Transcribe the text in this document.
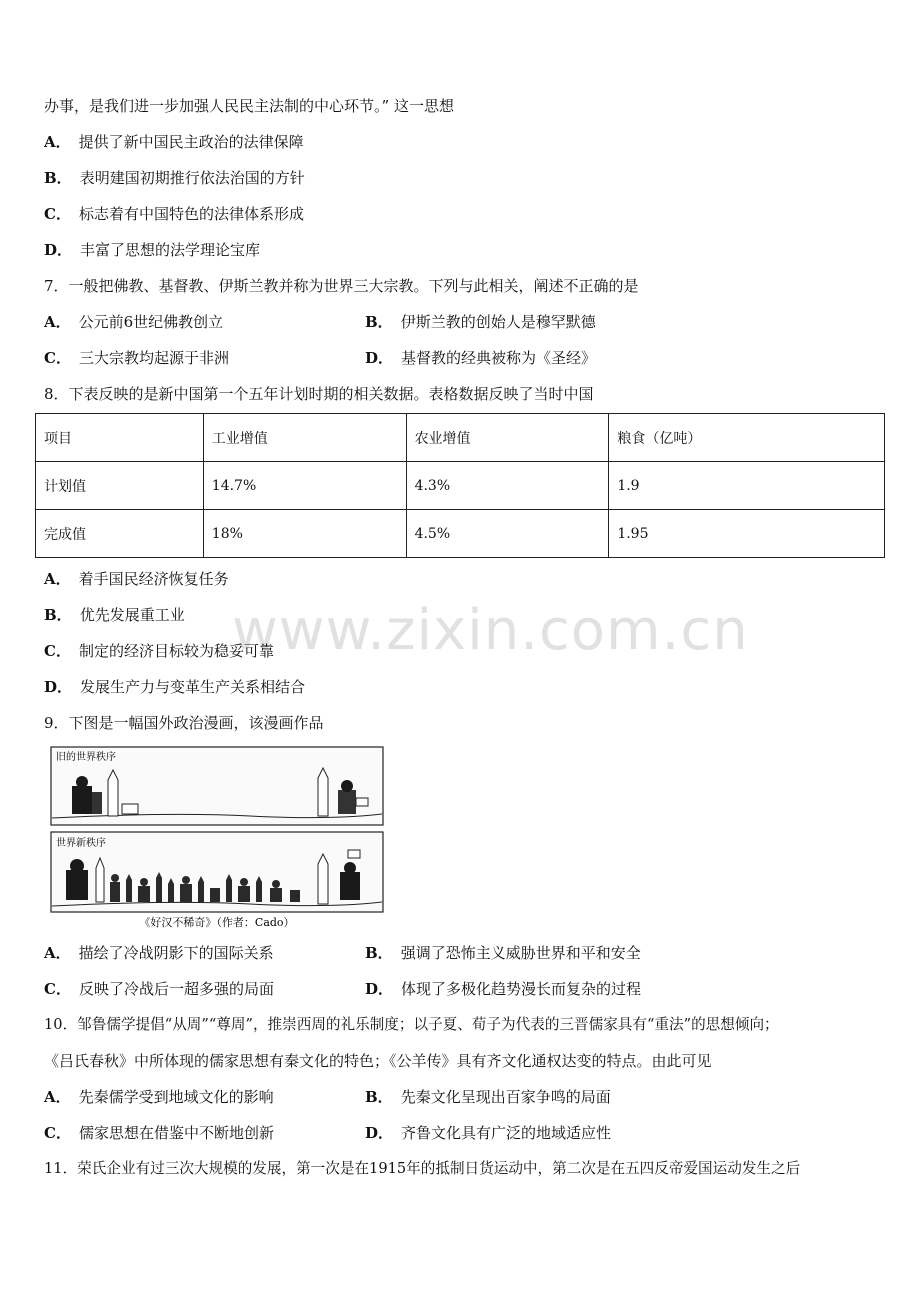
www.zixin.com.cn
办事，是我们进一步加强人民民主法制的中心环节。” 这一思想
A． 提供了新中国民主政治的法律保障
B． 表明建国初期推行依法治国的方针
C． 标志着有中国特色的法律体系形成
D． 丰富了思想的法学理论宝库
7．一般把佛教、基督教、伊斯兰教并称为世界三大宗教。下列与此相关，阐述不正确的是
A． 公元前6世纪佛教创立	B． 伊斯兰教的创始人是穆罕默德
C． 三大宗教均起源于非洲	D． 基督教的经典被称为《圣经》
8．下表反映的是新中国第一个五年计划时期的相关数据。表格数据反映了当时中国
项目	工业增值	农业增值	粮食（亿吨）
计划值	14.7%	4.3%	1.9
完成值	18%	4.5%	1.95
A． 着手国民经济恢复任务
B． 优先发展重工业
C． 制定的经济目标较为稳妥可靠
D． 发展生产力与变革生产关系相结合
9．下图是一幅国外政治漫画，该漫画作品
旧的世界秩序
世界新秩序
《好汉不稀奇》（作者：Cado）
A． 描绘了冷战阴影下的国际关系	B． 强调了恐怖主义威胁世界和平和安全
C． 反映了冷战后一超多强的局面	D． 体现了多极化趋势漫长而复杂的过程
10．邹鲁儒学提倡“从周”“尊周”，推崇西周的礼乐制度；以子夏、荀子为代表的三晋儒家具有“重法”的思想倾向；
《吕氏春秋》中所体现的儒家思想有秦文化的特色；《公羊传》具有齐文化通权达变的特点。由此可见
A． 先秦儒学受到地域文化的影响	B． 先秦文化呈现出百家争鸣的局面
C． 儒家思想在借鉴中不断地创新	D． 齐鲁文化具有广泛的地域适应性
11．荣氏企业有过三次大规模的发展，第一次是在1915年的抵制日货运动中，第二次是在五四反帝爱国运动发生之后
